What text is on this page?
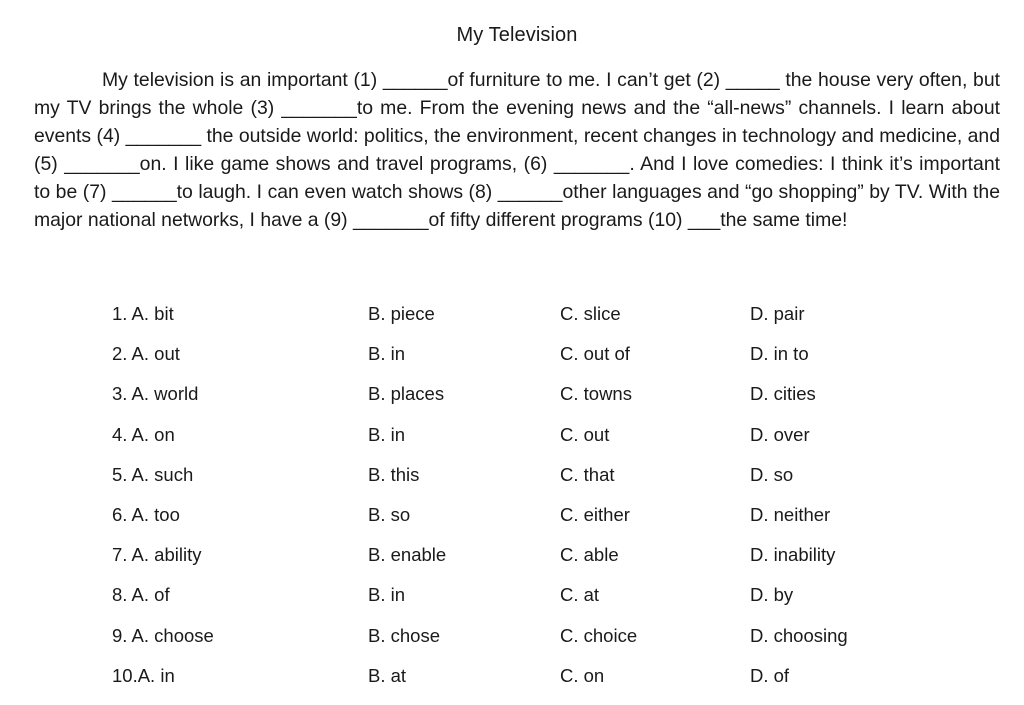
My Television

My television is an important (1) ______of furniture to me. I can’t get (2) _____ the house very often, but my TV brings the whole (3) _______to me. From the evening news and the “all-news” channels. I learn about events (4) _______ the outside world: politics, the environment, recent changes in technology and medicine, and (5) _______on. I like game shows and travel programs, (6) _______. And I love comedies: I think it’s important to be (7) ______to laugh. I can even watch shows (8) ______other languages and “go shopping” by TV. With the major national networks, I have a (9) _______of fifty different programs (10) ___the same time!

1. A. bit	B. piece	C. slice	D. pair
2. A. out	B. in	C. out of	D. in to
3. A. world	B. places	C. towns	D. cities
4. A. on	B. in	C. out	D. over
5. A. such	B. this	C. that	D. so
6. A. too	B. so	C. either	D. neither
7. A. ability	B. enable	C. able	D. inability
8. A. of	B. in	C. at	D. by
9. A. choose	B. chose	C. choice	D. choosing
10.A. in	B. at	C. on	D. of
